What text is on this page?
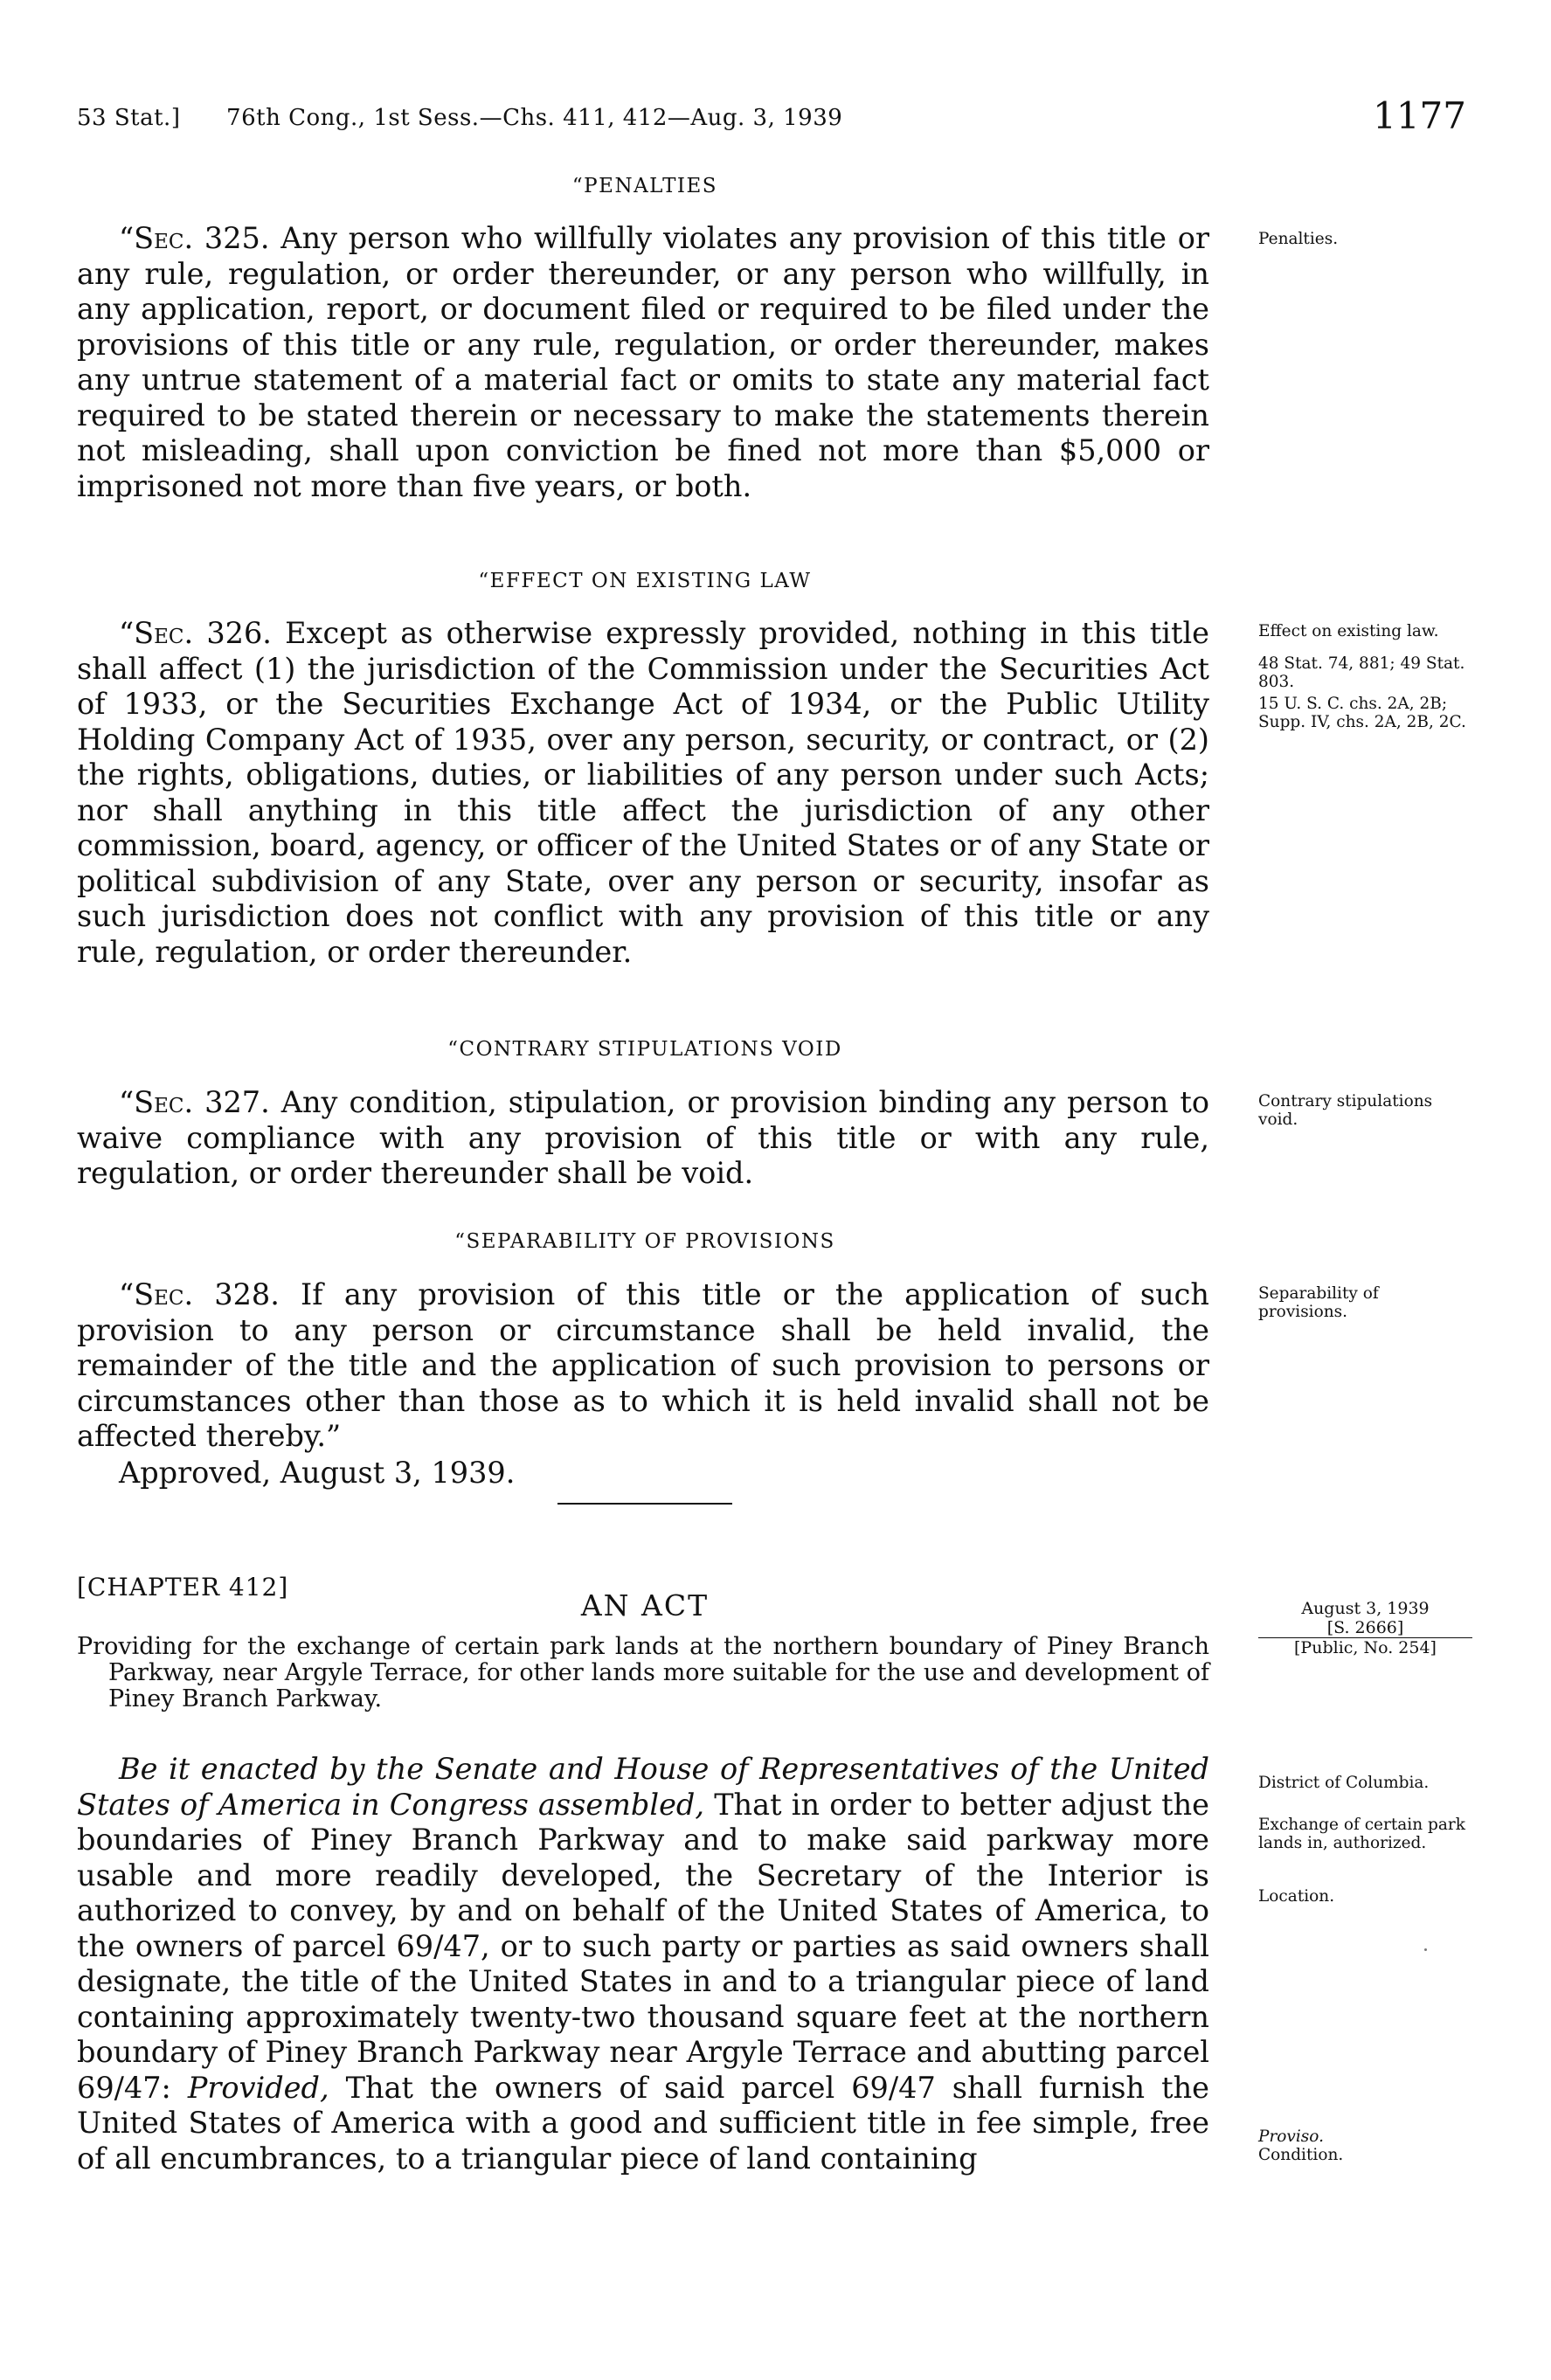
53 Stat.]      76th Cong., 1st Sess.—Chs. 411, 412—Aug. 3, 1939	1177
“PENALTIES
“Sec. 325. Any person who willfully violates any provision of this title or any rule, regulation, or order thereunder, or any person who willfully, in any application, report, or document filed or required to be filed under the provisions of this title or any rule, regulation, or order thereunder, makes any untrue statement of a material fact or omits to state any material fact required to be stated therein or necessary to make the statements therein not misleading, shall upon conviction be fined not more than $5,000 or imprisoned not more than five years, or both.
Penalties.
“EFFECT ON EXISTING LAW
“Sec. 326. Except as otherwise expressly provided, nothing in this title shall affect (1) the jurisdiction of the Commission under the Securities Act of 1933, or the Securities Exchange Act of 1934, or the Public Utility Holding Company Act of 1935, over any person, security, or contract, or (2) the rights, obligations, duties, or liabilities of any person under such Acts; nor shall anything in this title affect the jurisdiction of any other commission, board, agency, or officer of the United States or of any State or political subdivision of any State, over any person or security, insofar as such jurisdiction does not conflict with any provision of this title or any rule, regulation, or order thereunder.
Effect on existing law.
48 Stat. 74, 881; 49 Stat. 803.
15 U. S. C. chs. 2A, 2B; Supp. IV, chs. 2A, 2B, 2C.
“CONTRARY STIPULATIONS VOID
“Sec. 327. Any condition, stipulation, or provision binding any person to waive compliance with any provision of this title or with any rule, regulation, or order thereunder shall be void.
Contrary stipulations void.
“SEPARABILITY OF PROVISIONS
“Sec. 328. If any provision of this title or the application of such provision to any person or circumstance shall be held invalid, the remainder of the title and the application of such provision to persons or circumstances other than those as to which it is held invalid shall not be affected thereby.”
Separability of provisions.
Approved, August 3, 1939.
[CHAPTER 412]
AN ACT	August 3, 1939
[S. 2666]
[Public, No. 254]
Providing for the exchange of certain park lands at the northern boundary of Piney Branch Parkway, near Argyle Terrace, for other lands more suitable for the use and development of Piney Branch Parkway.
Be it enacted by the Senate and House of Representatives of the United States of America in Congress assembled, That in order to better adjust the boundaries of Piney Branch Parkway and to make said parkway more usable and more readily developed, the Secretary of the Interior is authorized to convey, by and on behalf of the United States of America, to the owners of parcel 69/47, or to such party or parties as said owners shall designate, the title of the United States in and to a triangular piece of land containing approximately twenty-two thousand square feet at the northern boundary of Piney Branch Parkway near Argyle Terrace and abutting parcel 69/47: Provided, That the owners of said parcel 69/47 shall furnish the United States of America with a good and sufficient title in fee simple, free of all encumbrances, to a triangular piece of land containing
District of Columbia.
Exchange of certain park lands in, authorized.
Location.
Proviso.
Condition.
